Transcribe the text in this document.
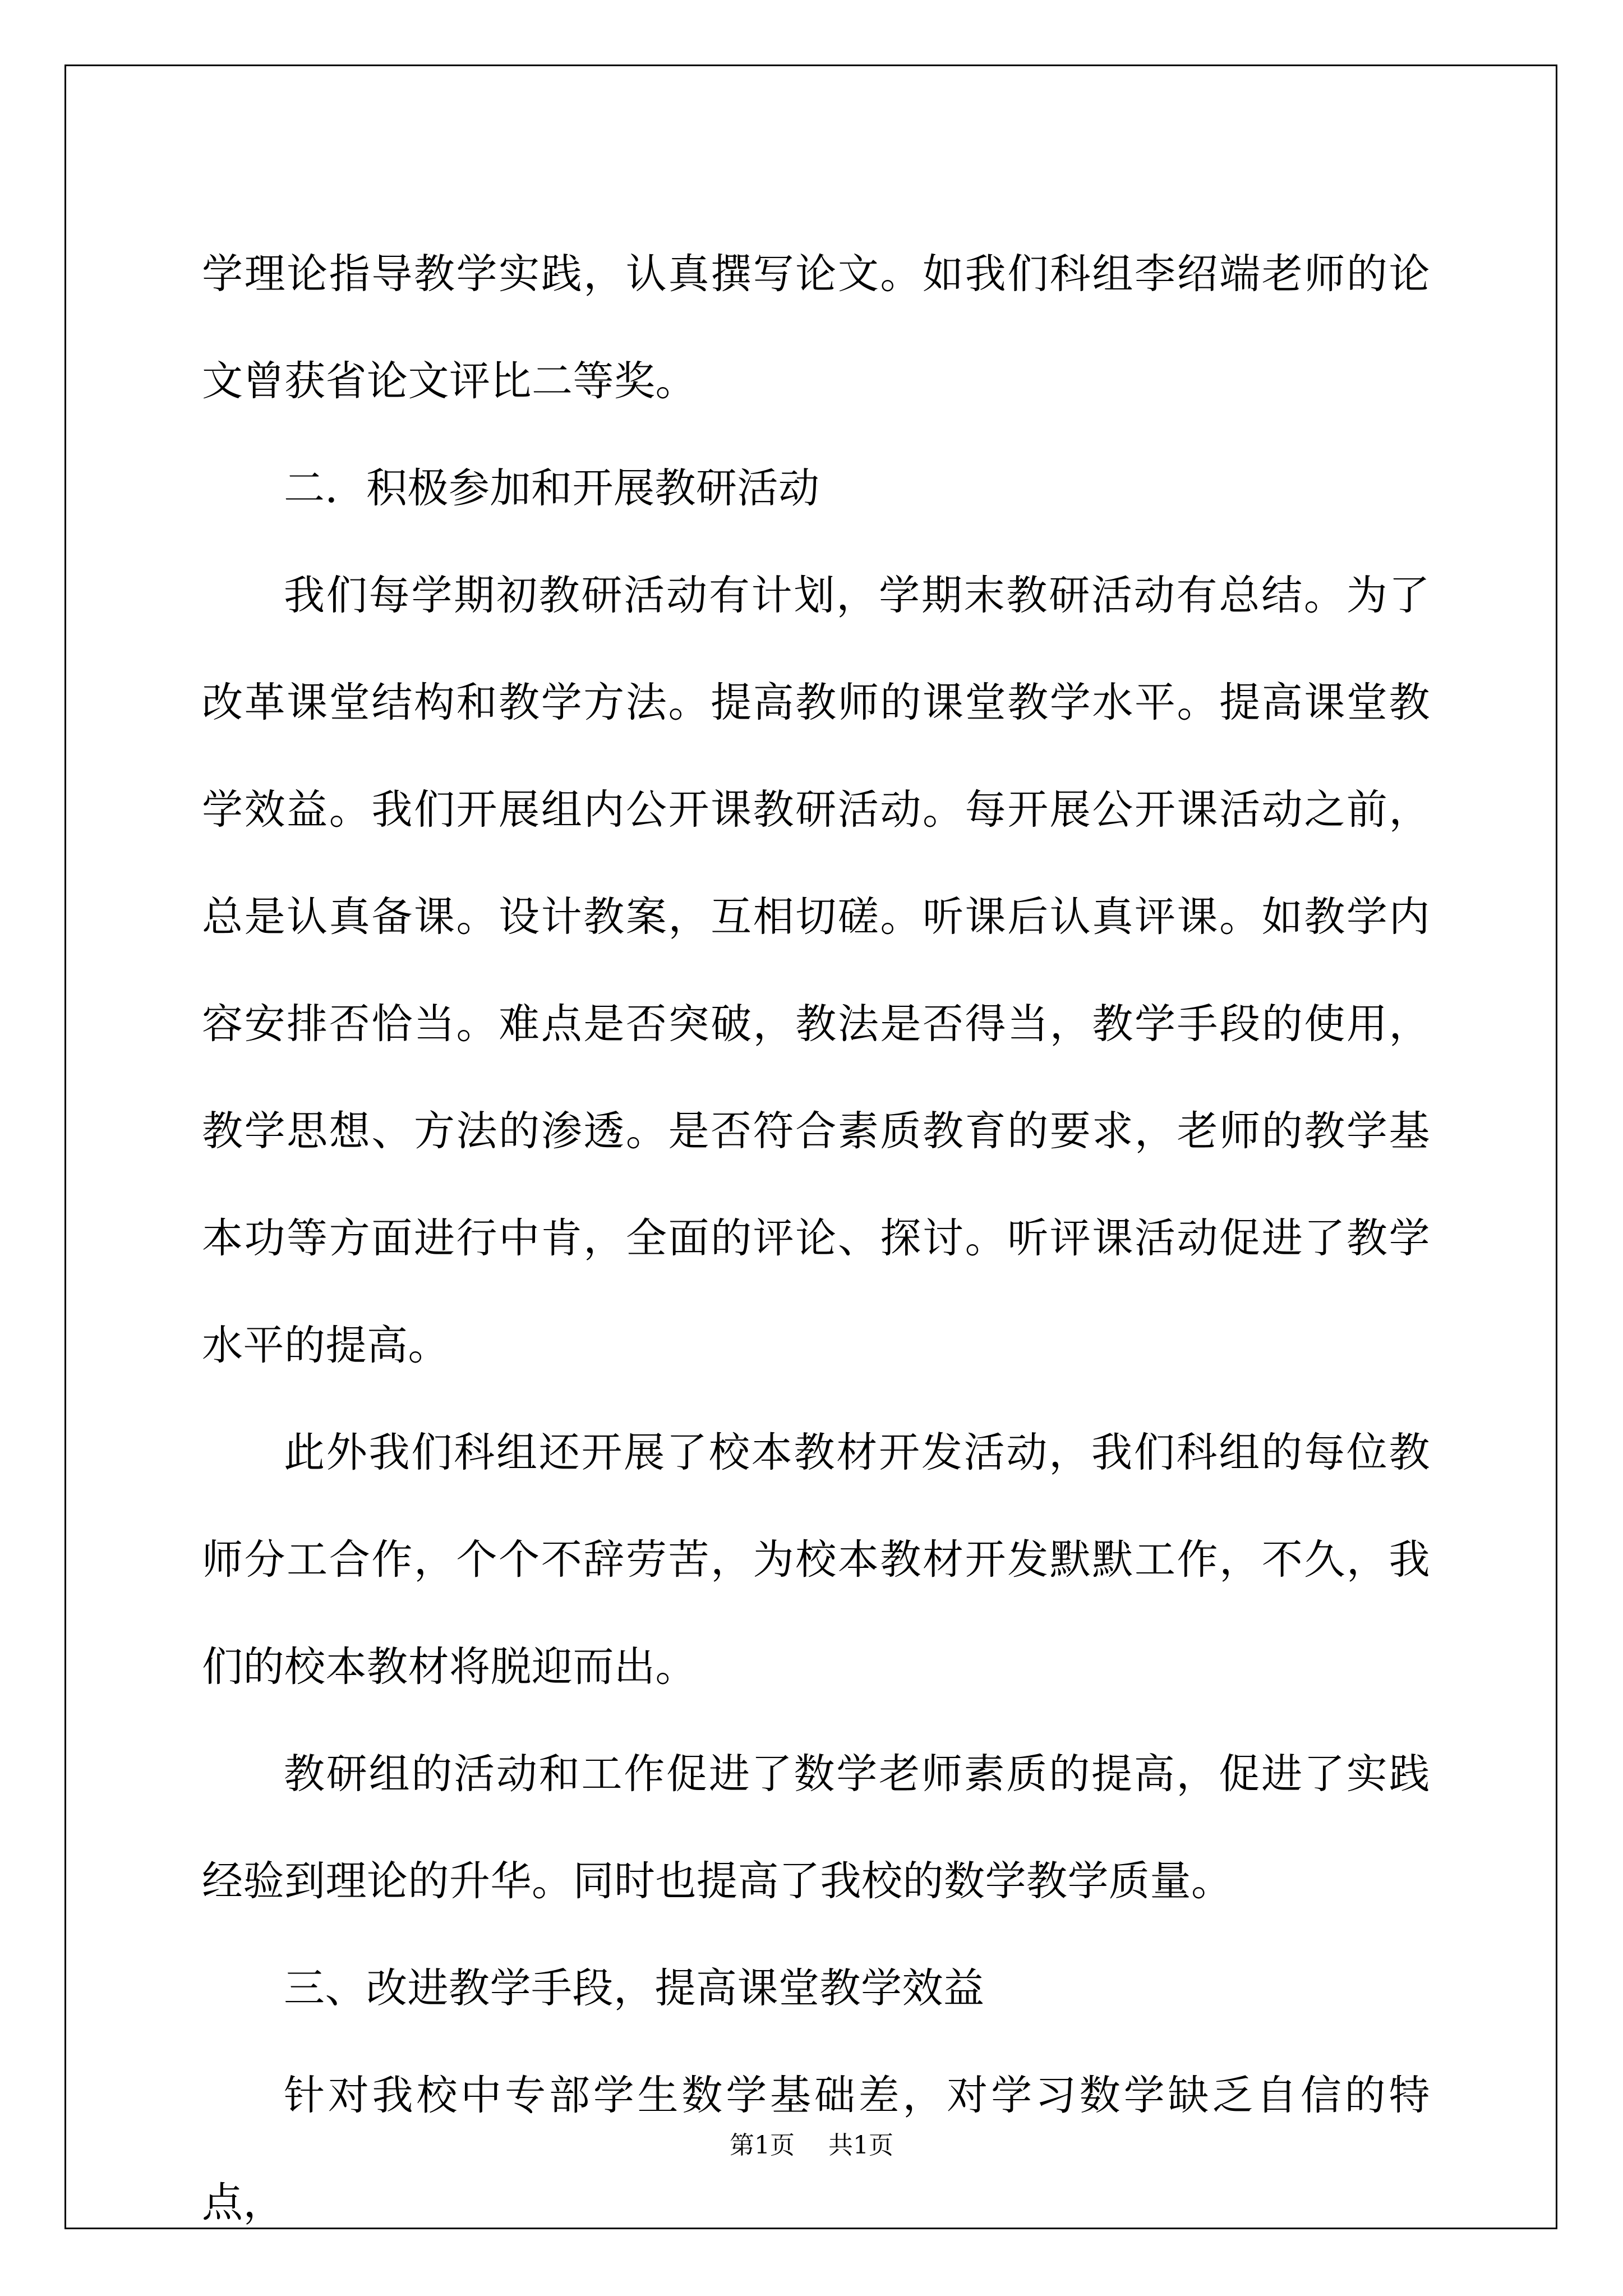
学理论指导教学实践，认真撰写论文。如我们科组李绍端老师的论文曾获省论文评比二等奖。

二．积极参加和开展教研活动

我们每学期初教研活动有计划，学期末教研活动有总结。为了改革课堂结构和教学方法。提高教师的课堂教学水平。提高课堂教学效益。我们开展组内公开课教研活动。每开展公开课活动之前，总是认真备课。设计教案，互相切磋。听课后认真评课。如教学内容安排否恰当。难点是否突破，教法是否得当，教学手段的使用，教学思想、方法的渗透。是否符合素质教育的要求，老师的教学基本功等方面进行中肯，全面的评论、探讨。听评课活动促进了教学水平的提高。

此外我们科组还开展了校本教材开发活动，我们科组的每位教师分工合作，个个不辞劳苦，为校本教材开发默默工作，不久，我们的校本教材将脱迎而出。

教研组的活动和工作促进了数学老师素质的提高，促进了实践经验到理论的升华。同时也提高了我校的数学教学质量。

三、改进教学手段，提高课堂教学效益

针对我校中专部学生数学基础差，对学习数学缺乏自信的特点，

第1页 共1页
